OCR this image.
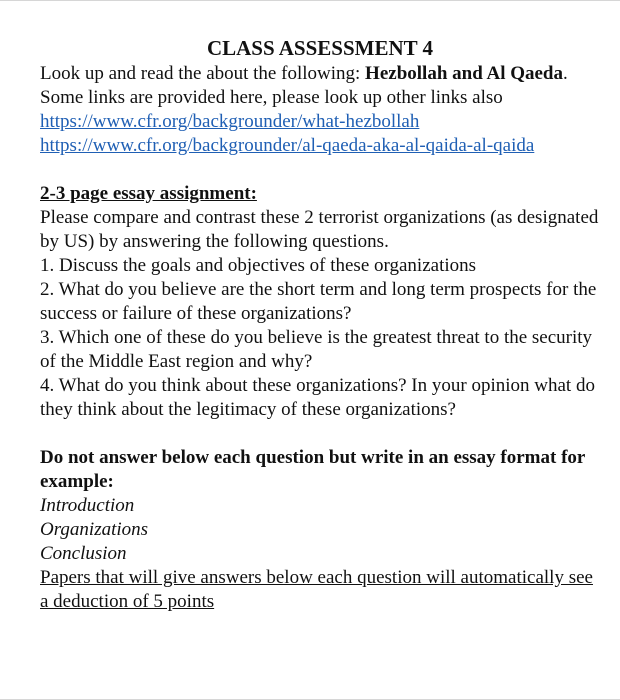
CLASS ASSESSMENT 4

Look up and read the about the following: Hezbollah and Al Qaeda.

Some links are provided here, please look up other links also
https://www.cfr.org/backgrounder/what-hezbollah
https://www.cfr.org/backgrounder/al-qaeda-aka-al-qaida-al-qaida
2-3 page essay assignment:
Please compare and contrast these 2 terrorist organizations (as designated by US) by answering the following questions.
1. Discuss the goals and objectives of these organizations
2. What do you believe are the short term and long term prospects for the success or failure of these organizations?
3. Which one of these do you believe is the greatest threat to the security of the Middle East region and why?
4. What do you think about these organizations? In your opinion what do they think about the legitimacy of these organizations?
Do not answer below each question but write in an essay format for example:
Introduction
Organizations
Conclusion
Papers that will give answers below each question will automatically see a deduction of 5 points
